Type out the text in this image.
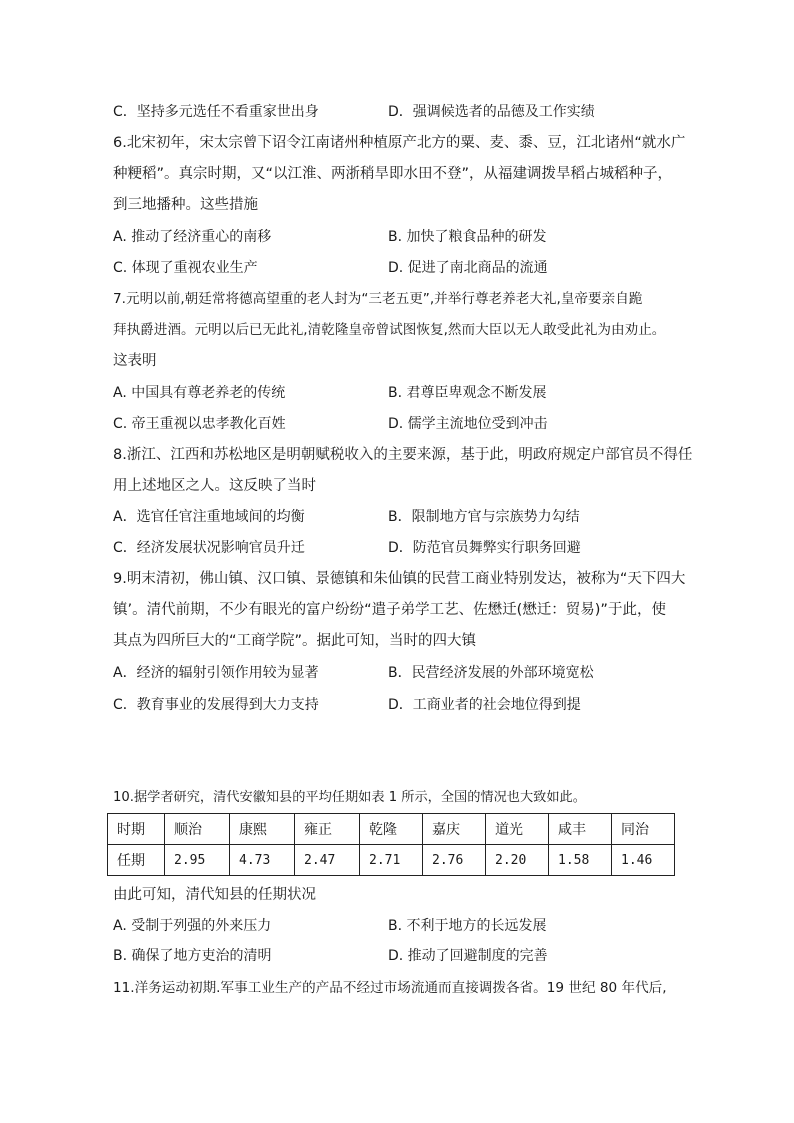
C．坚持多元选任不看重家世出身	D．强调候选者的品德及工作实绩
6.北宋初年，宋太宗曾下诏令江南诸州种植原产北方的粟、麦、黍、豆，江北诸州“就水广
种粳稻”。真宗时期，又“以江淮、两浙稍旱即水田不登”，从福建调拨旱稻占城稻种子，
到三地播种。这些措施
A. 推动了经济重心的南移	B. 加快了粮食品种的研发
C. 体现了重视农业生产	D. 促进了南北商品的流通
7.元明以前,朝廷常将德高望重的老人封为“三老五更”,并举行尊老养老大礼,皇帝要亲自跪
拜执爵进酒。元明以后已无此礼,清乾隆皇帝曾试图恢复,然而大臣以无人敢受此礼为由劝止。
这表明
A. 中国具有尊老养老的传统	B. 君尊臣卑观念不断发展
C. 帝王重视以忠孝教化百姓	D. 儒学主流地位受到冲击
8.浙江、江西和苏松地区是明朝赋税收入的主要来源，基于此，明政府规定户部官员不得任
用上述地区之人。这反映了当时
A．选官任官注重地域间的均衡	B．限制地方官与宗族势力勾结
C．经济发展状况影响官员升迁	D．防范官员舞弊实行职务回避
9.明末清初，佛山镇、汉口镇、景德镇和朱仙镇的民营工商业特别发达，被称为“天下四大
镇’。清代前期，不少有眼光的富户纷纷“遣子弟学工艺、佐懋迁(懋迁：贸易)”于此，使
其点为四所巨大的“工商学院”。据此可知，当时的四大镇
A．经济的辐射引领作用较为显著	B．民营经济发展的外部环境宽松
C．教育事业的发展得到大力支持	D．工商业者的社会地位得到提
10.据学者研究，清代安徽知县的平均任期如表 1 所示，全国的情况也大致如此。
时期	顺治	康熙	雍正	乾隆	嘉庆	道光	咸丰	同治
任期	2.95	4.73	2.47	2.71	2.76	2.20	1.58	1.46
由此可知，清代知县的任期状况
A. 受制于列强的外来压力	B. 不利于地方的长远发展
B. 确保了地方吏治的清明	D. 推动了回避制度的完善
11.洋务运动初期.军事工业生产的产品不经过市场流通而直接调拨各省。19 世纪 80 年代后,
